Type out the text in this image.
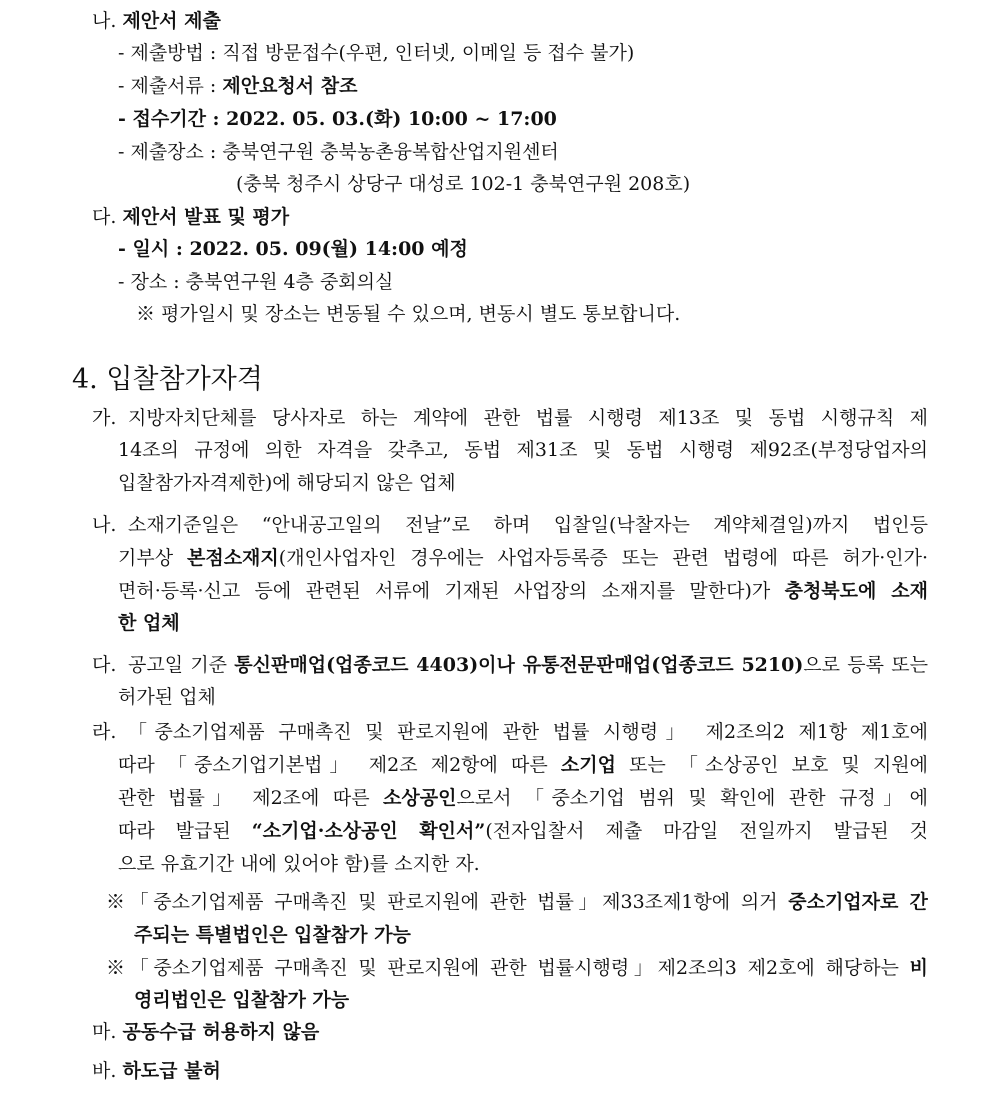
나. 제안서 제출
- 제출방법 : 직접 방문접수(우편, 인터넷, 이메일 등 접수 불가)
- 제출서류 : 제안요청서 참조
- 접수기간 : 2022. 05. 03.(화) 10:00 ~ 17:00
- 제출장소 : 충북연구원 충북농촌융복합산업지원센터
(충북 청주시 상당구 대성로 102-1 충북연구원 208호)
다. 제안서 발표 및 평가
- 일시 : 2022. 05. 09(월) 14:00 예정
- 장소 : 충북연구원 4층 중회의실
※ 평가일시 및 장소는 변동될 수 있으며, 변동시 별도 통보합니다.
4. 입찰참가자격
가. 지방자치단체를 당사자로 하는 계약에 관한 법률 시행령 제13조 및 동법 시행규칙 제
14조의 규정에 의한 자격을 갖추고, 동법 제31조 및 동법 시행령 제92조(부정당업자의
입찰참가자격제한)에 해당되지 않은 업체
나. 소재기준일은 “안내공고일의 전날”로 하며 입찰일(낙찰자는 계약체결일)까지 법인등
기부상 본점소재지(개인사업자인 경우에는 사업자등록증 또는 관련 법령에 따른 허가·인가·
면허·등록·신고 등에 관련된 서류에 기재된 사업장의 소재지를 말한다)가 충청북도에 소재
한 업체
다. 공고일 기준 통신판매업(업종코드 4403)이나 유통전문판매업(업종코드 5210)으로 등록 또는
허가된 업체
라. 「중소기업제품 구매촉진 및 판로지원에 관한 법률 시행령」 제2조의2 제1항 제1호에
따라 「중소기업기본법」 제2조 제2항에 따른 소기업 또는 「소상공인 보호 및 지원에
관한 법률」 제2조에 따른 소상공인으로서 「중소기업 범위 및 확인에 관한 규정」에
따라 발급된 “소기업·소상공인 확인서”(전자입찰서 제출 마감일 전일까지 발급된 것
으로 유효기간 내에 있어야 함)를 소지한 자.
※「중소기업제품 구매촉진 및 판로지원에 관한 법률」제33조제1항에 의거 중소기업자로 간
주되는 특별법인은 입찰참가 가능
※「중소기업제품 구매촉진 및 판로지원에 관한 법률시행령」제2조의3 제2호에 해당하는 비
영리법인은 입찰참가 가능
마. 공동수급 허용하지 않음
바. 하도급 불허
